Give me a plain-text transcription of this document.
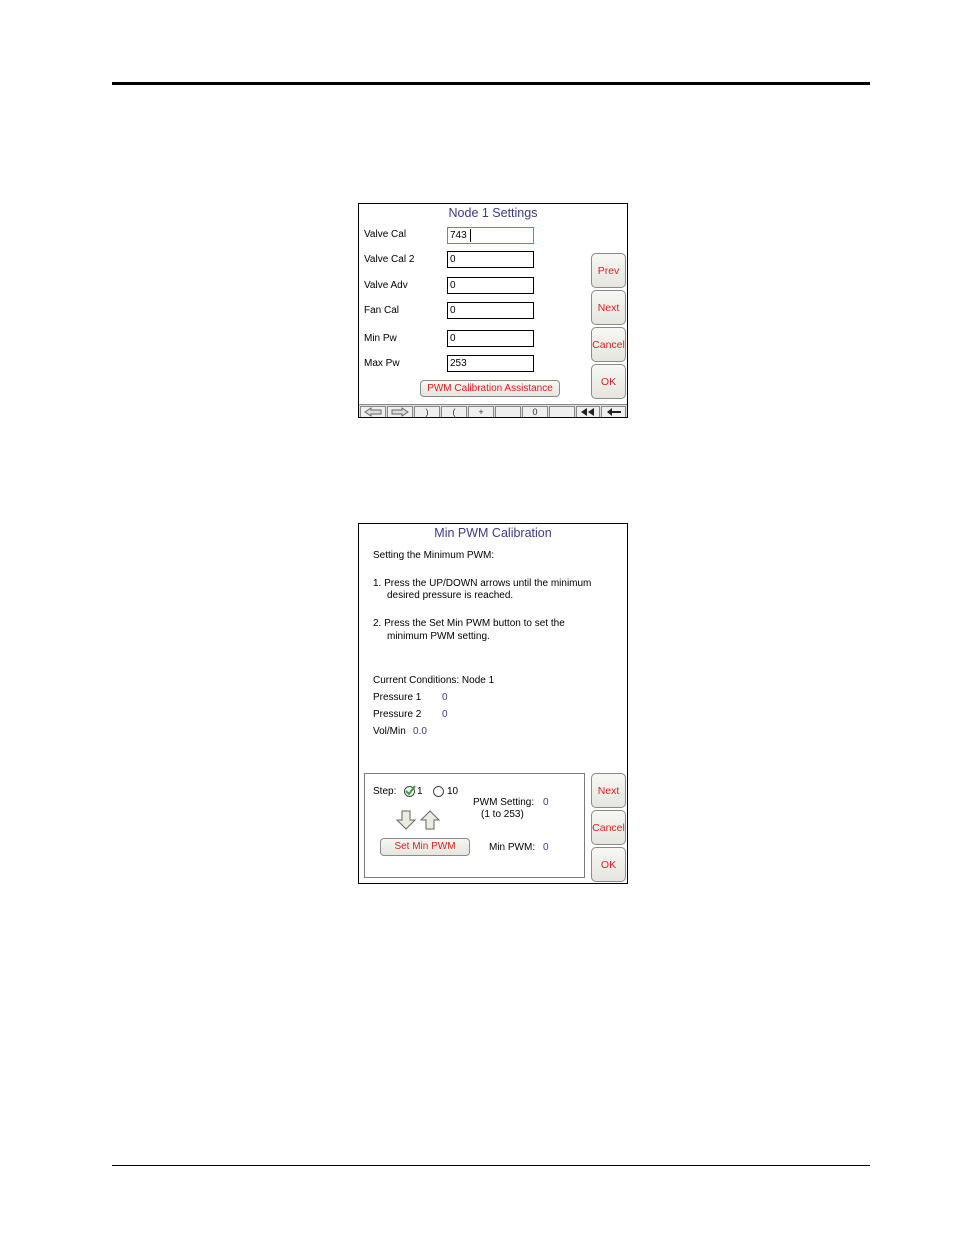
Node 1 Settings
Valve Cal	743
Valve Cal 2	0
Valve Adv	0
Fan Cal	0
Min Pw	0
Max Pw	253
PWM Calibration Assistance
Prev
Next
Cancel
OK
)	(	+	0
Min PWM Calibration
Setting the Minimum PWM:
1. Press the UP/DOWN arrows until the minimum
desired pressure is reached.
2. Press the Set Min PWM button to set the
minimum PWM setting.
Current Conditions: Node 1
Pressure 1 0
Pressure 2 0
Vol/Min 0.0
Step: 1 10
Set Min PWM
PWM Setting: 0
(1 to 253)
Min PWM: 0
Next
Cancel
OK
